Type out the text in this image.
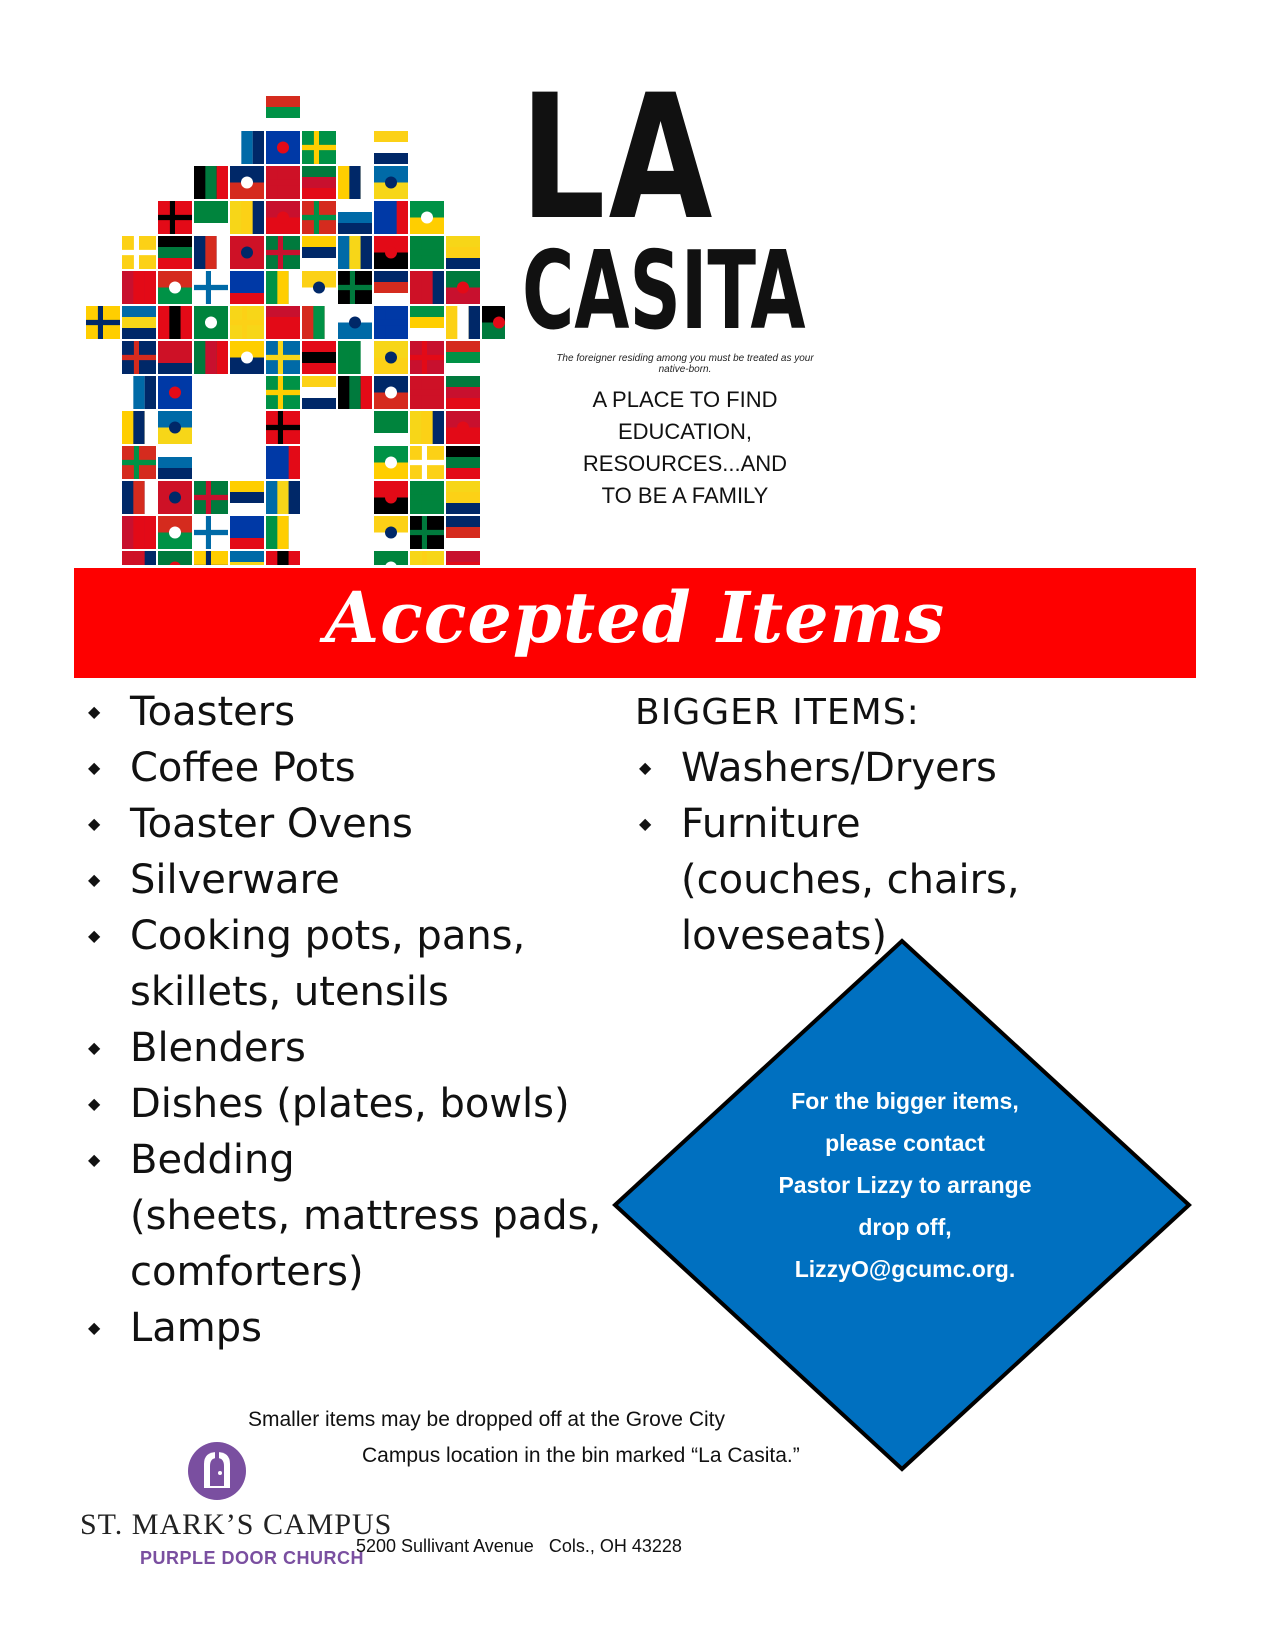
LA
CASITA
The foreigner residing among you must be treated as your native-born.
A PLACE TO FIND
EDUCATION,
RESOURCES...AND
TO BE A FAMILY
Accepted Items
◆ Toasters
◆ Coffee Pots
◆ Toaster Ovens
◆ Silverware
◆ Cooking pots, pans,
skillets, utensils
◆ Blenders
◆ Dishes (plates, bowls)
◆ Bedding
(sheets, mattress pads,
comforters)
◆ Lamps
BIGGER ITEMS:
◆ Washers/Dryers
◆ Furniture
(couches, chairs,
loveseats)
For the bigger items,
please contact
Pastor Lizzy to arrange
drop off,
LizzyO@gcumc.org.
Smaller items may be dropped off at the Grove City
Campus location in the bin marked “La Casita.”
ST. MARK’S CAMPUS
PURPLE DOOR CHURCH
5200 Sullivant Avenue   Cols., OH 43228
